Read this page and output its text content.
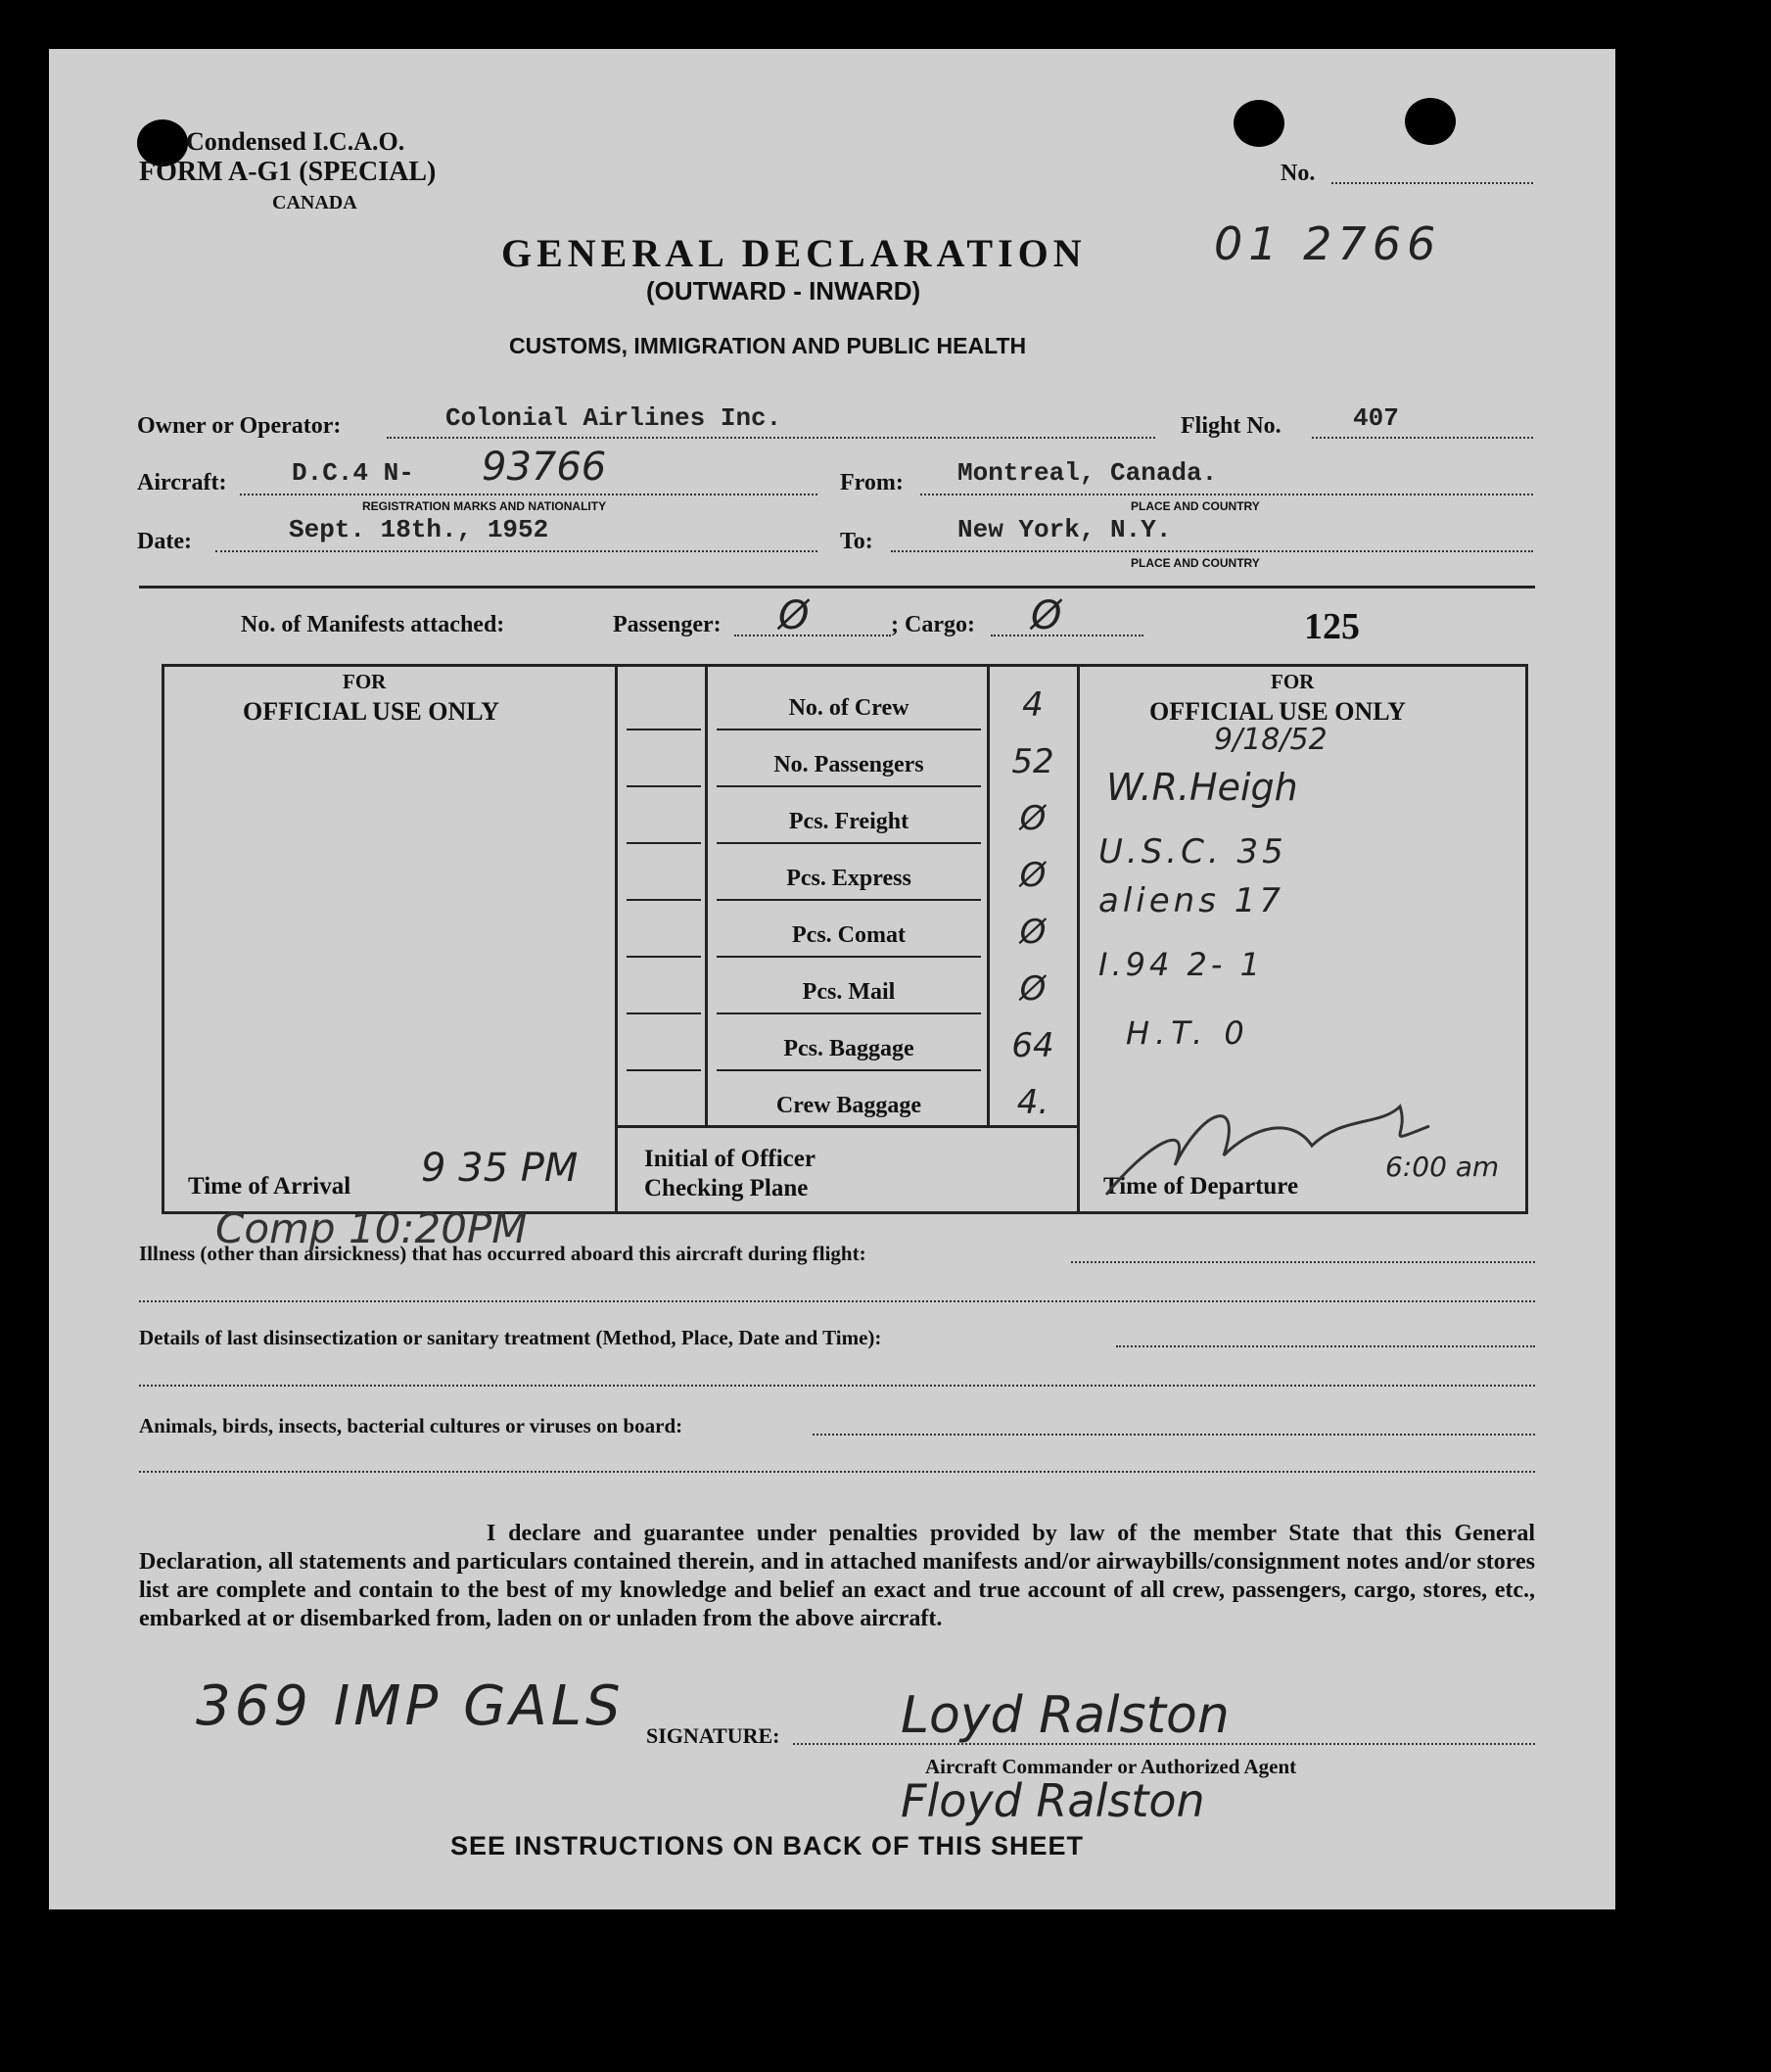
Condensed I.C.A.O.
FORM A-G1 (SPECIAL)
CANADA
No.
GENERAL DECLARATION	01 2766
(OUTWARD - INWARD)
CUSTOMS, IMMIGRATION AND PUBLIC HEALTH
Owner or Operator:	Colonial Airlines Inc.	Flight No.	407
Aircraft:	D.C.4 N- 93766
REGISTRATION MARKS AND NATIONALITY
From: Montreal, Canada.
PLACE AND COUNTRY
Date:	Sept. 18th., 1952	To:	New York, N.Y.
PLACE AND COUNTRY
No. of Manifests attached:	Passenger: Ø	; Cargo: Ø	125
FOR
OFFICIAL USE ONLY
FOR
OFFICIAL USE ONLY
No. of Crew	4
No. Passengers	52
Pcs. Freight	Ø
Pcs. Express	Ø
Pcs. Comat	Ø
Pcs. Mail	Ø
Pcs. Baggage	64
Crew Baggage	4.
9/18/52
W.R.Heigh
U.S.C. 35
aliens 17
I.94 2- 1
H.T. 0
Time of Arrival 9 35 PM	Initial of Officer
Checking Plane	Time of Departure
6:00 am
Illness (other than airsickness) that has occurred aboard this aircraft during flight:
Comp 10:20PM
Details of last disinsectization or sanitary treatment (Method, Place, Date and Time):
Animals, birds, insects, bacterial cultures or viruses on board:
I declare and guarantee under penalties provided by law of the member State that this General Declaration, all statements and particulars contained therein, and in attached manifests and/or airwaybills/consignment notes and/or stores list are complete and contain to the best of my knowledge and belief an exact and true account of all crew, passengers, cargo, stores, etc., embarked at or disembarked from, laden on or unladen from the above aircraft.
369 IMP GALS SIGNATURE: Loyd Ralston
Aircraft Commander or Authorized Agent
Floyd Ralston
SEE INSTRUCTIONS ON BACK OF THIS SHEET
